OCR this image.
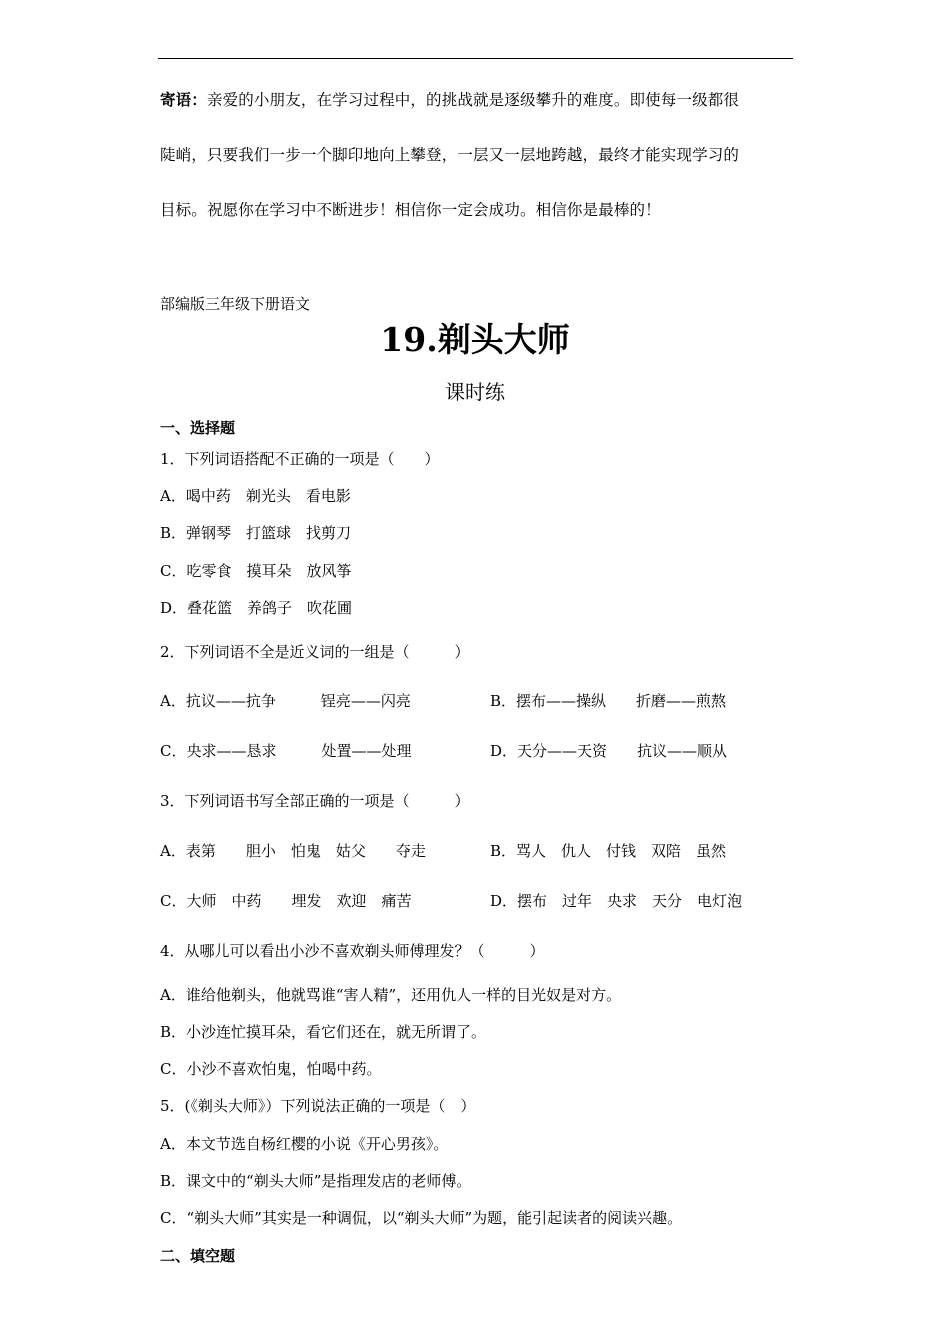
寄语：亲爱的小朋友，在学习过程中，的挑战就是逐级攀升的难度。即使每一级都很
陡峭，只要我们一步一个脚印地向上攀登，一层又一层地跨越，最终才能实现学习的
目标。祝愿你在学习中不断进步！相信你一定会成功。相信你是最棒的！
部编版三年级下册语文
19.剃头大师
课时练
一、选择题
1．下列词语搭配不正确的一项是（　　）
A．喝中药　剃光头　看电影
B．弹钢琴　打篮球　找剪刀
C．吃零食　摸耳朵　放风筝
D．叠花篮　养鸽子　吹花圃
2．下列词语不全是近义词的一组是（　　　）
A．抗议——抗争　　　锃亮——闪亮	B．摆布——操纵　　折磨——煎熬
C．央求——恳求　　　处置——处理	D．天分——天资　　抗议——顺从
3．下列词语书写全部正确的一项是（　　　）
A．表第　　胆小　怕鬼　姑父　　夺走	B．骂人　仇人　付钱　双陪　虽然
C．大师　中药　　埋发　欢迎　痛苦	D．摆布　过年　央求　天分　电灯泡
4．从哪儿可以看出小沙不喜欢剃头师傅理发？（　　　）
A．谁给他剃头，他就骂谁“害人精”，还用仇人一样的目光奴是对方。
B．小沙连忙摸耳朵，看它们还在，就无所谓了。
C．小沙不喜欢怕鬼，怕喝中药。
5．(《剃头大师》）下列说法正确的一项是（　）
A．本文节选自杨红樱的小说《开心男孩》。
B．课文中的“剃头大师”是指理发店的老师傅。
C．“剃头大师”其实是一种调侃，以“剃头大师”为题，能引起读者的阅读兴趣。
二、填空题
